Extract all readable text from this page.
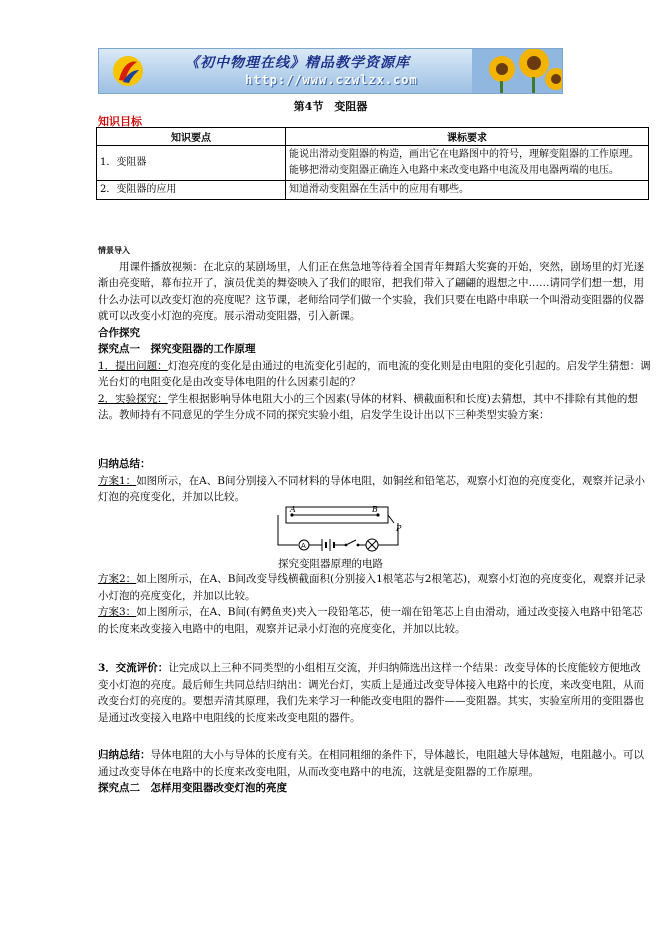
《初中物理在线》精品教学资源库
http://www.czwlzx.com
第4节　变阻器
知识目标
知识要点	课标要求
1．变阻器	能说出滑动变阻器的构造，画出它在电路图中的符号，理解变阻器的工作原理。能够把滑动变阻器正确连入电路中来改变电路中电流及用电器两端的电压。
2．变阻器的应用	知道滑动变阻器在生活中的应用有哪些。

情景导入

用课件播放视频：在北京的某剧场里，人们正在焦急地等待着全国青年舞蹈大奖赛的开始，突然，剧场里的灯光逐渐由亮变暗，幕布拉开了，演员优美的舞姿映入了我们的眼帘，把我们带入了翩翩的遐想之中……请同学们想一想，用什么办法可以改变灯泡的亮度呢？这节课，老师给同学们做一个实验，我们只要在电路中串联一个叫滑动变阻器的仪器就可以改变小灯泡的亮度。展示滑动变阻器，引入新课。

合作探究

探究点一　探究变阻器的工作原理

1．提出问题：灯泡亮度的变化是由通过的电流变化引起的，而电流的变化则是由电阻的变化引起的。启发学生猜想：调光台灯的电阻变化是由改变导体电阻的什么因素引起的？

2．实验探究：学生根据影响导体电阻大小的三个因素(导体的材料、横截面积和长度)去猜想，其中不排除有其他的想法。教师持有不同意见的学生分成不同的探究实验小组，启发学生设计出以下三种类型实验方案：

归纳总结：

方案1：如图所示，在A、B间分别接入不同材料的导体电阻，如铜丝和铅笔芯，观察小灯泡的亮度变化，观察并记录小灯泡的亮度变化，并加以比较。

A	B
P
A
探究变阻器原理的电路

方案2：如上图所示，在A、B间改变导线横截面积(分别接入1根笔芯与2根笔芯)，观察小灯泡的亮度变化，观察并记录小灯泡的亮度变化，并加以比较。

方案3：如上图所示，在A、B间(有鳄鱼夹)夹入一段铅笔芯，使一端在铅笔芯上自由滑动，通过改变接入电路中铅笔芯的长度来改变接入电路中的电阻，观察并记录小灯泡的亮度变化，并加以比较。

3．交流评价：让完成以上三种不同类型的小组相互交流，并归纳筛选出这样一个结果：改变导体的长度能较方便地改变小灯泡的亮度。最后师生共同总结归纳出：调光台灯，实质上是通过改变导体接入电路中的长度，来改变电阻，从而改变台灯的亮度的。要想弄清其原理，我们先来学习一种能改变电阻的器件——变阻器。其实，实验室所用的变阻器也是通过改变接入电路中电阻线的长度来改变电阻的器件。

归纳总结：导体电阻的大小与导体的长度有关。在相同粗细的条件下，导体越长，电阻越大导体越短，电阻越小。可以通过改变导体在电路中的长度来改变电阻，从而改变电路中的电流，这就是变阻器的工作原理。

探究点二　怎样用变阻器改变灯泡的亮度
